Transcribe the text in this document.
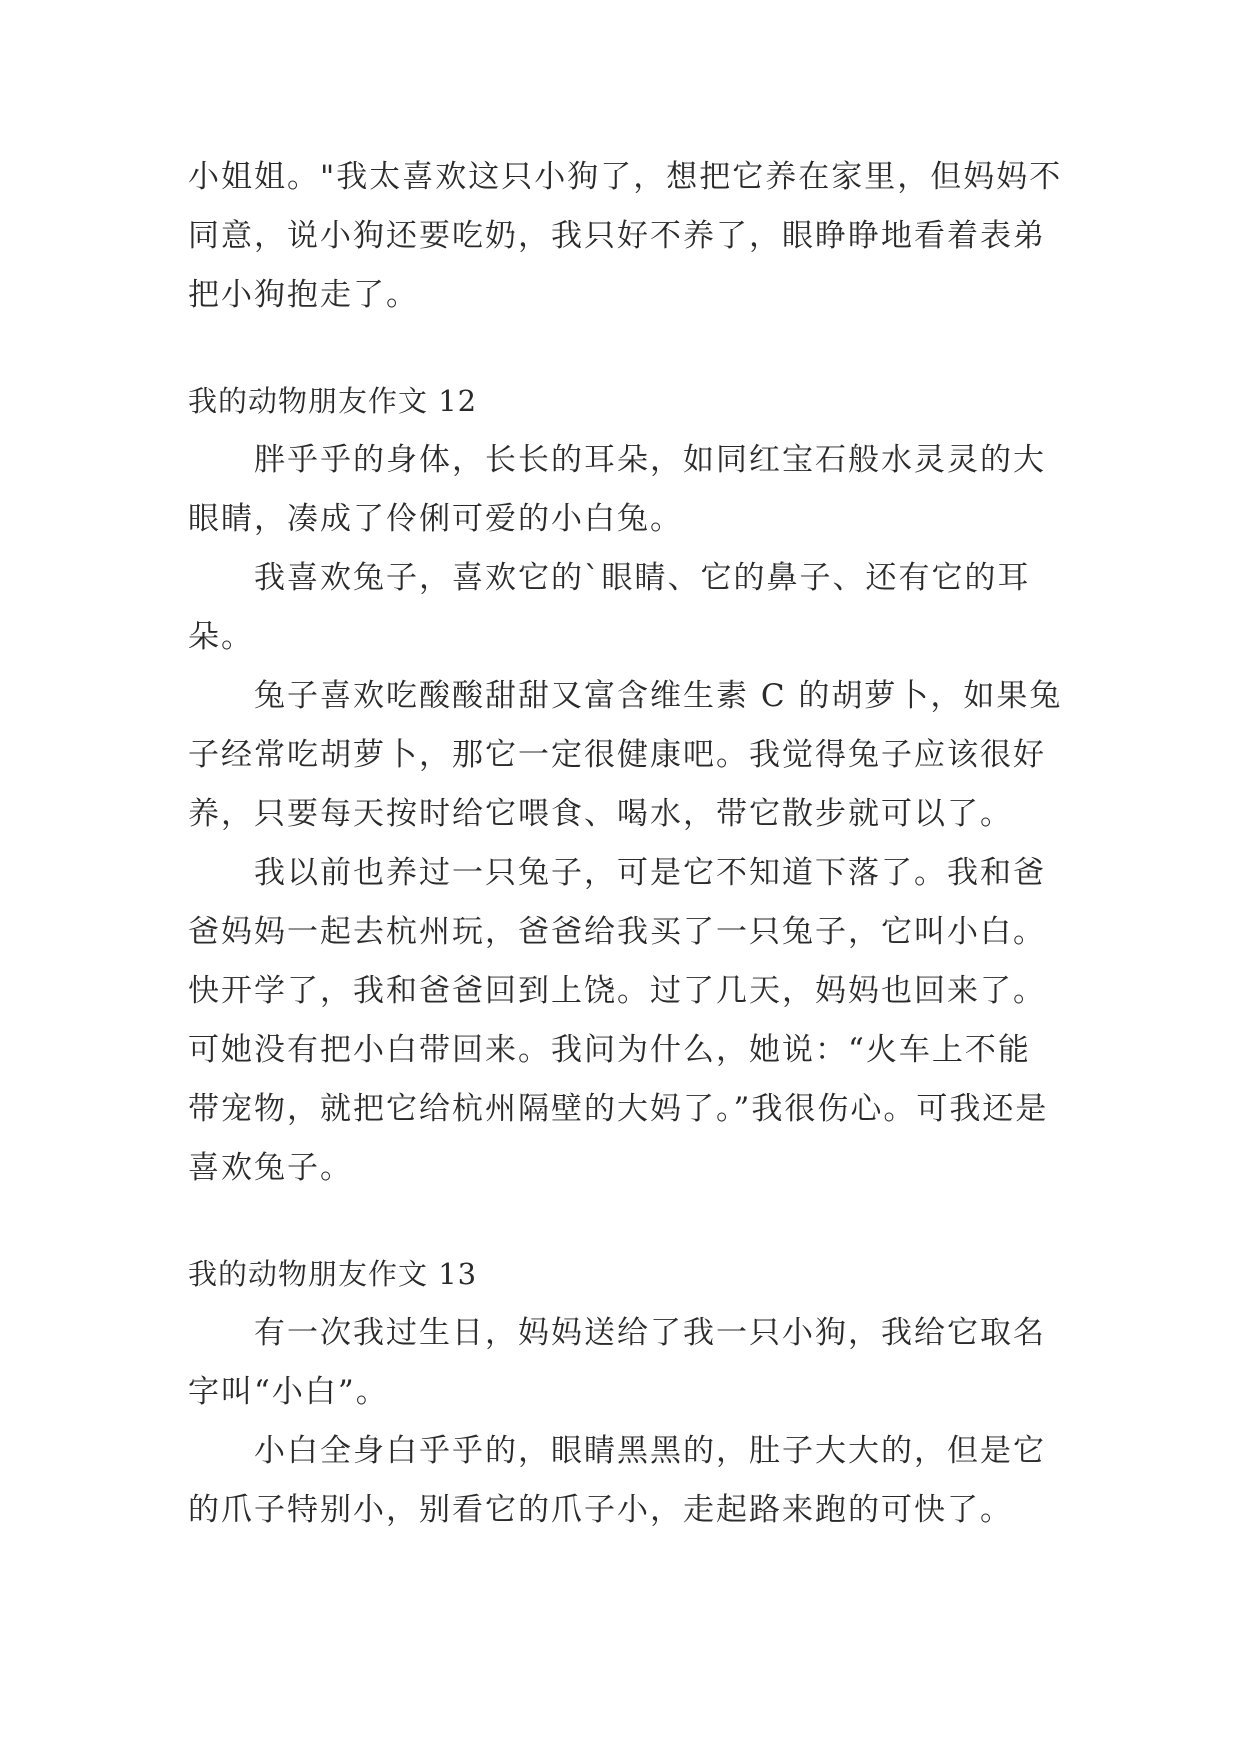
小姐姐。"我太喜欢这只小狗了，想把它养在家里，但妈妈不同意，说小狗还要吃奶，我只好不养了，眼睁睁地看着表弟把小狗抱走了。

我的动物朋友作文 12

胖乎乎的身体，长长的耳朵，如同红宝石般水灵灵的大眼睛，凑成了伶俐可爱的小白兔。

我喜欢兔子，喜欢它的`眼睛、它的鼻子、还有它的耳朵。

兔子喜欢吃酸酸甜甜又富含维生素 C 的胡萝卜，如果兔子经常吃胡萝卜，那它一定很健康吧。我觉得兔子应该很好养，只要每天按时给它喂食、喝水，带它散步就可以了。

我以前也养过一只兔子，可是它不知道下落了。我和爸爸妈妈一起去杭州玩，爸爸给我买了一只兔子，它叫小白。快开学了，我和爸爸回到上饶。过了几天，妈妈也回来了。可她没有把小白带回来。我问为什么，她说：“火车上不能带宠物，就把它给杭州隔壁的大妈了。”我很伤心。可我还是喜欢兔子。

我的动物朋友作文 13

有一次我过生日，妈妈送给了我一只小狗，我给它取名字叫“小白”。

小白全身白乎乎的，眼睛黑黑的，肚子大大的，但是它的爪子特别小，别看它的爪子小，走起路来跑的可快了。
